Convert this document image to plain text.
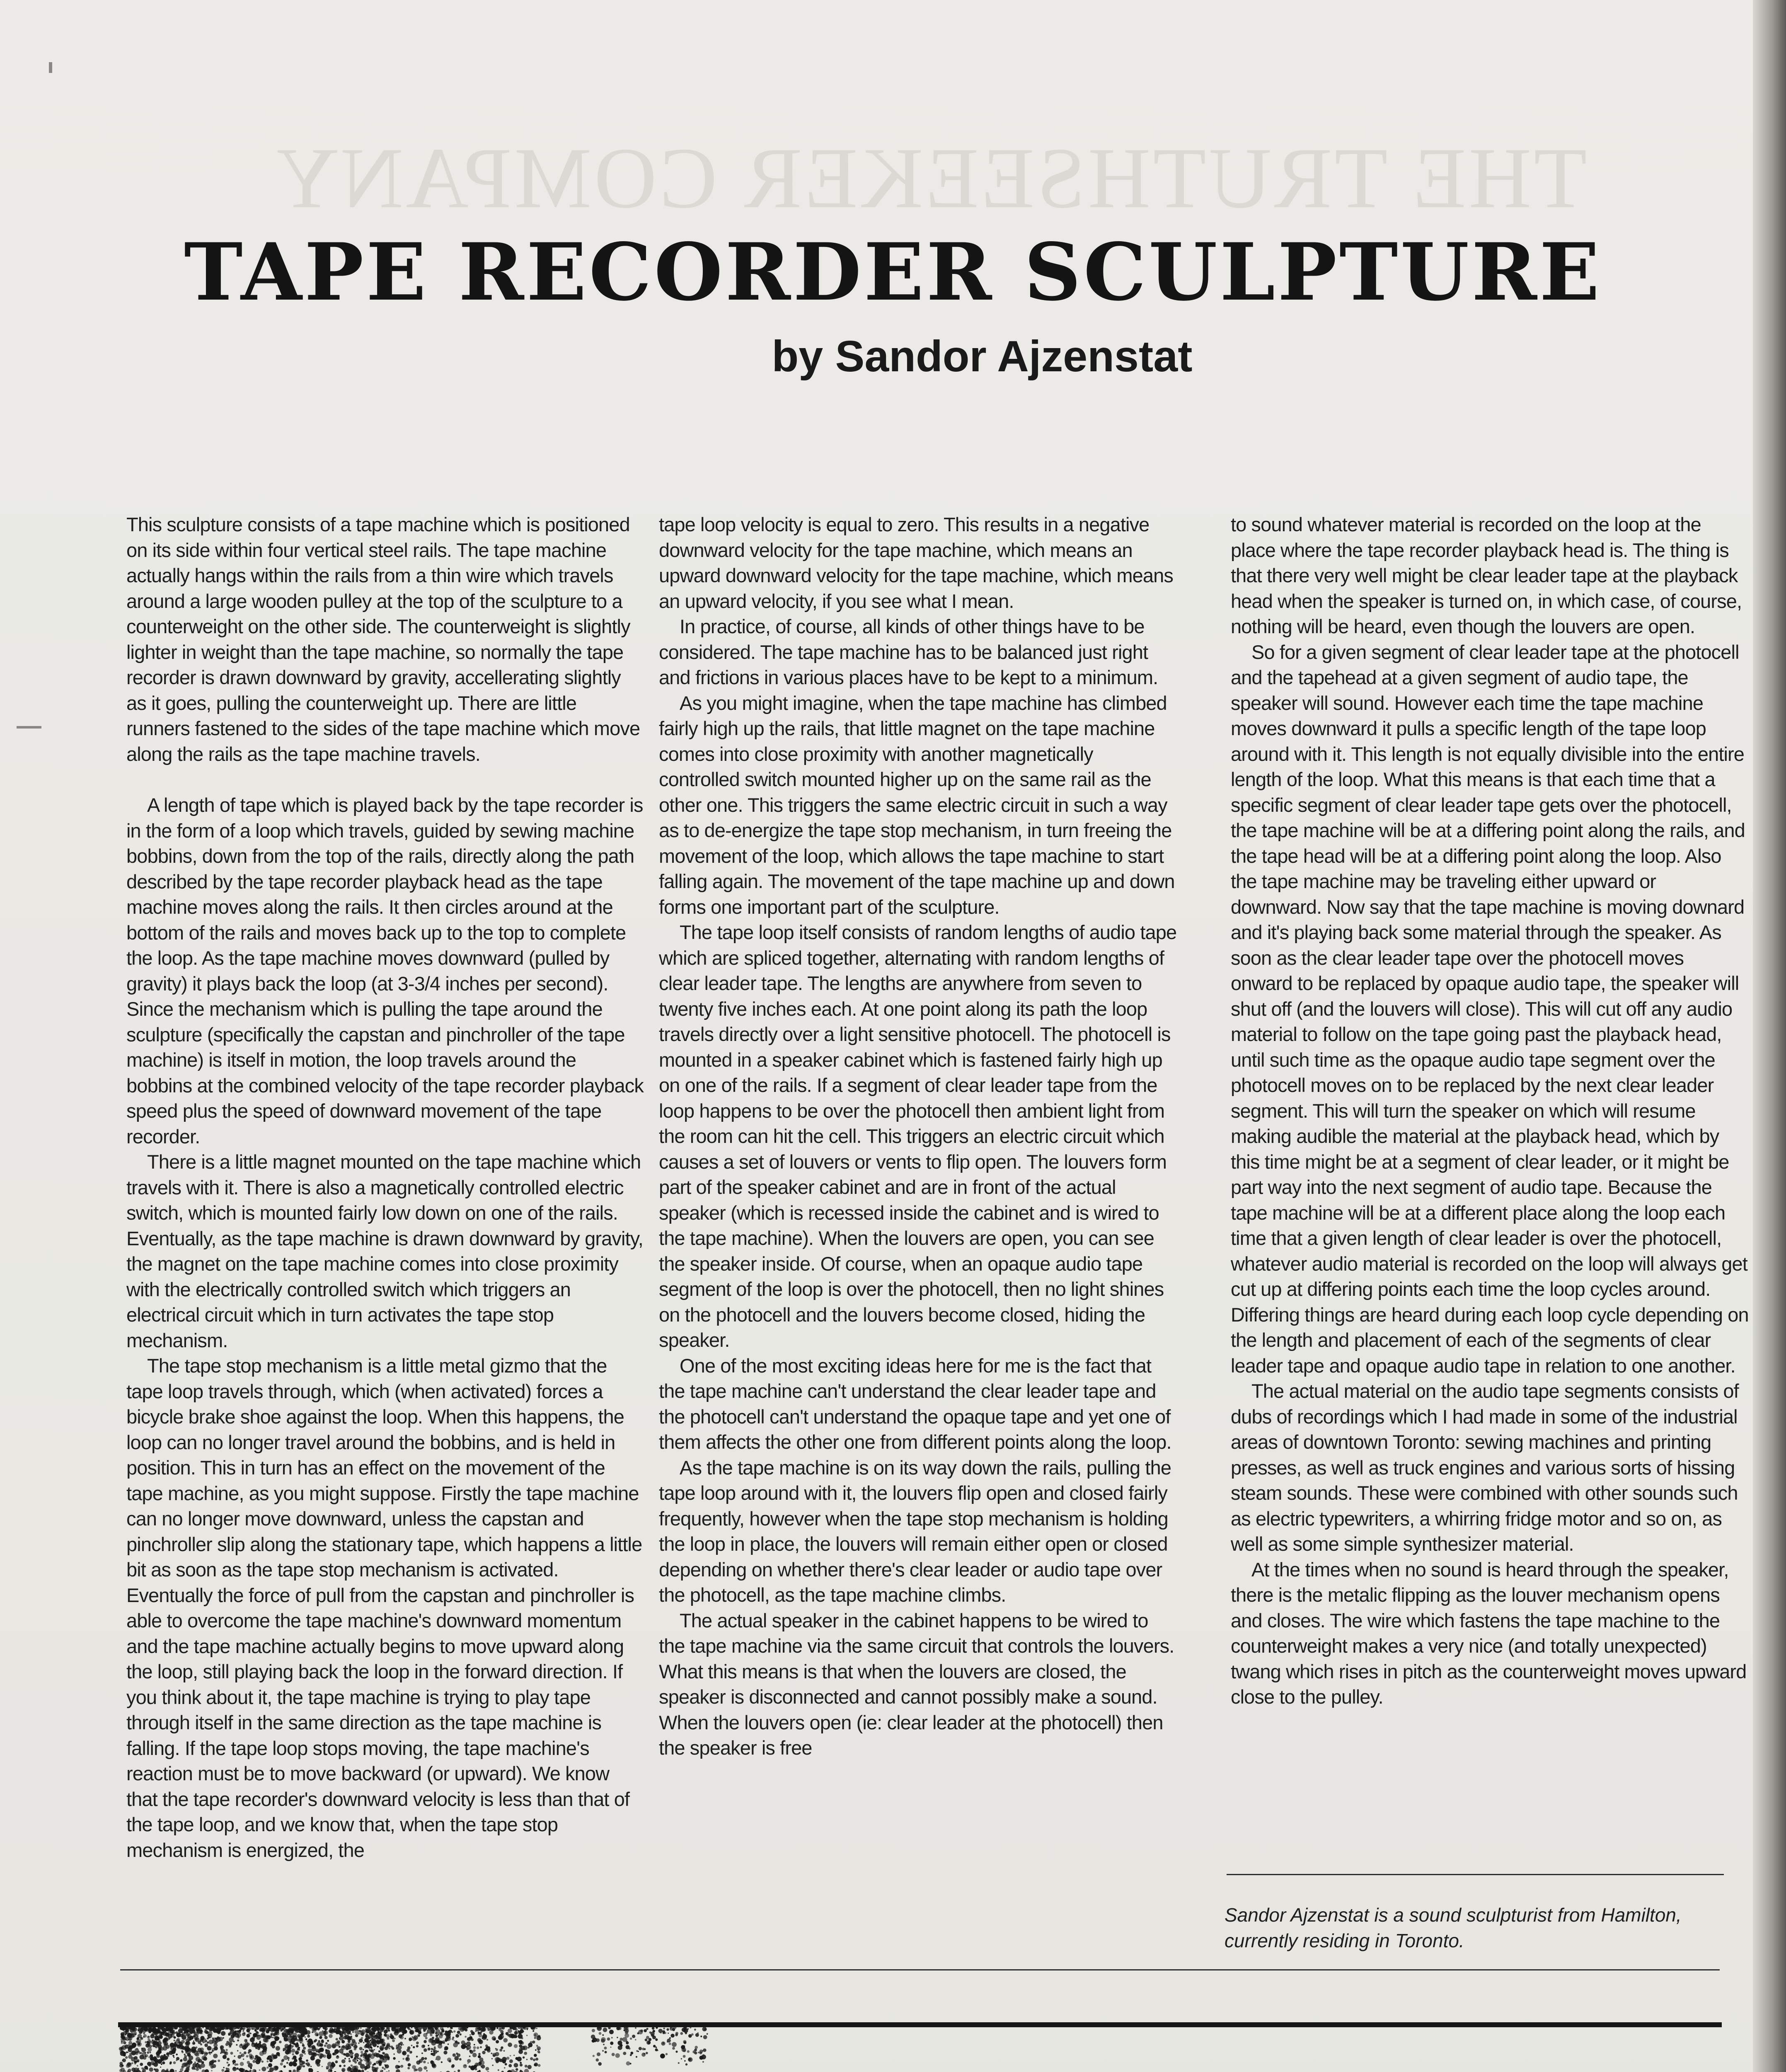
THE TRUTHSEEKER COMPANY
TAPE RECORDER SCULPTURE
by Sandor Ajzenstat

This sculpture consists of a tape machine which is positioned on its side within four vertical steel rails. The tape machine actually hangs within the rails from a thin wire which travels around a large wooden pulley at the top of the sculpture to a counterweight on the other side. The counterweight is slightly lighter in weight than the tape machine, so normally the tape recorder is drawn downward by gravity, accellerating slightly as it goes, pulling the counterweight up. There are little runners fastened to the sides of the tape machine which move along the rails as the tape machine travels.

A length of tape which is played back by the tape recorder is in the form of a loop which travels, guided by sewing machine bobbins, down from the top of the rails, directly along the path described by the tape recorder playback head as the tape machine moves along the rails. It then circles around at the bottom of the rails and moves back up to the top to complete the loop. As the tape machine moves downward (pulled by gravity) it plays back the loop (at 3-3/4 inches per second). Since the mechanism which is pulling the tape around the sculpture (specifically the capstan and pinchroller of the tape machine) is itself in motion, the loop travels around the bobbins at the combined velocity of the tape recorder playback speed plus the speed of downward movement of the tape recorder.

There is a little magnet mounted on the tape machine which travels with it. There is also a magnetically controlled electric switch, which is mounted fairly low down on one of the rails. Eventually, as the tape machine is drawn downward by gravity, the magnet on the tape machine comes into close proximity with the electrically controlled switch which triggers an electrical circuit which in turn activates the tape stop mechanism.

The tape stop mechanism is a little metal gizmo that the tape loop travels through, which (when activated) forces a bicycle brake shoe against the loop. When this happens, the loop can no longer travel around the bobbins, and is held in position. This in turn has an effect on the movement of the tape machine, as you might suppose. Firstly the tape machine can no longer move downward, unless the capstan and pinchroller slip along the stationary tape, which happens a little bit as soon as the tape stop mechanism is activated. Eventually the force of pull from the capstan and pinchroller is able to overcome the tape machine's downward momentum and the tape machine actually begins to move upward along the loop, still playing back the loop in the forward direction. If you think about it, the tape machine is trying to play tape through itself in the same direction as the tape machine is falling. If the tape loop stops moving, the tape machine's reaction must be to move backward (or upward). We know that the tape recorder's downward velocity is less than that of the tape loop, and we know that, when the tape stop mechanism is energized, the

tape loop velocity is equal to zero. This results in a negative downward velocity for the tape machine, which means an upward downward velocity for the tape machine, which means an upward velocity, if you see what I mean.

In practice, of course, all kinds of other things have to be considered. The tape machine has to be balanced just right and frictions in various places have to be kept to a minimum.

As you might imagine, when the tape machine has climbed fairly high up the rails, that little magnet on the tape machine comes into close proximity with another magnetically controlled switch mounted higher up on the same rail as the other one. This triggers the same electric circuit in such a way as to de-energize the tape stop mechanism, in turn freeing the movement of the loop, which allows the tape machine to start falling again. The movement of the tape machine up and down forms one important part of the sculpture.

The tape loop itself consists of random lengths of audio tape which are spliced together, alternating with random lengths of clear leader tape. The lengths are anywhere from seven to twenty five inches each. At one point along its path the loop travels directly over a light sensitive photocell. The photocell is mounted in a speaker cabinet which is fastened fairly high up on one of the rails. If a segment of clear leader tape from the loop happens to be over the photocell then ambient light from the room can hit the cell. This triggers an electric circuit which causes a set of louvers or vents to flip open. The louvers form part of the speaker cabinet and are in front of the actual speaker (which is recessed inside the cabinet and is wired to the tape machine). When the louvers are open, you can see the speaker inside. Of course, when an opaque audio tape segment of the loop is over the photocell, then no light shines on the photocell and the louvers become closed, hiding the speaker.

One of the most exciting ideas here for me is the fact that the tape machine can't understand the clear leader tape and the photocell can't understand the opaque tape and yet one of them affects the other one from different points along the loop.

As the tape machine is on its way down the rails, pulling the tape loop around with it, the louvers flip open and closed fairly frequently, however when the tape stop mechanism is holding the loop in place, the louvers will remain either open or closed depending on whether there's clear leader or audio tape over the photocell, as the tape machine climbs.

The actual speaker in the cabinet happens to be wired to the tape machine via the same circuit that controls the louvers. What this means is that when the louvers are closed, the speaker is disconnected and cannot possibly make a sound. When the louvers open (ie: clear leader at the photocell) then the speaker is free

to sound whatever material is recorded on the loop at the place where the tape recorder playback head is. The thing is that there very well might be clear leader tape at the playback head when the speaker is turned on, in which case, of course, nothing will be heard, even though the louvers are open.

So for a given segment of clear leader tape at the photocell and the tapehead at a given segment of audio tape, the speaker will sound. However each time the tape machine moves downward it pulls a specific length of the tape loop around with it. This length is not equally divisible into the entire length of the loop. What this means is that each time that a specific segment of clear leader tape gets over the photocell, the tape machine will be at a differing point along the rails, and the tape head will be at a differing point along the loop. Also the tape machine may be traveling either upward or downward. Now say that the tape machine is moving downard and it's playing back some material through the speaker. As soon as the clear leader tape over the photocell moves onward to be replaced by opaque audio tape, the speaker will shut off (and the louvers will close). This will cut off any audio material to follow on the tape going past the playback head, until such time as the opaque audio tape segment over the photocell moves on to be replaced by the next clear leader segment. This will turn the speaker on which will resume making audible the material at the playback head, which by this time might be at a segment of clear leader, or it might be part way into the next segment of audio tape. Because the tape machine will be at a different place along the loop each time that a given length of clear leader is over the photocell, whatever audio material is recorded on the loop will always get cut up at differing points each time the loop cycles around. Differing things are heard during each loop cycle depending on the length and placement of each of the segments of clear leader tape and opaque audio tape in relation to one another.

The actual material on the audio tape segments consists of dubs of recordings which I had made in some of the industrial areas of downtown Toronto: sewing machines and printing presses, as well as truck engines and various sorts of hissing steam sounds. These were combined with other sounds such as electric typewriters, a whirring fridge motor and so on, as well as some simple synthesizer material.

At the times when no sound is heard through the speaker, there is the metalic flipping as the louver mechanism opens and closes. The wire which fastens the tape machine to the counterweight makes a very nice (and totally unexpected) twang which rises in pitch as the counterweight moves upward close to the pulley.

Sandor Ajzenstat is a sound sculpturist from Hamilton, currently residing in Toronto.
